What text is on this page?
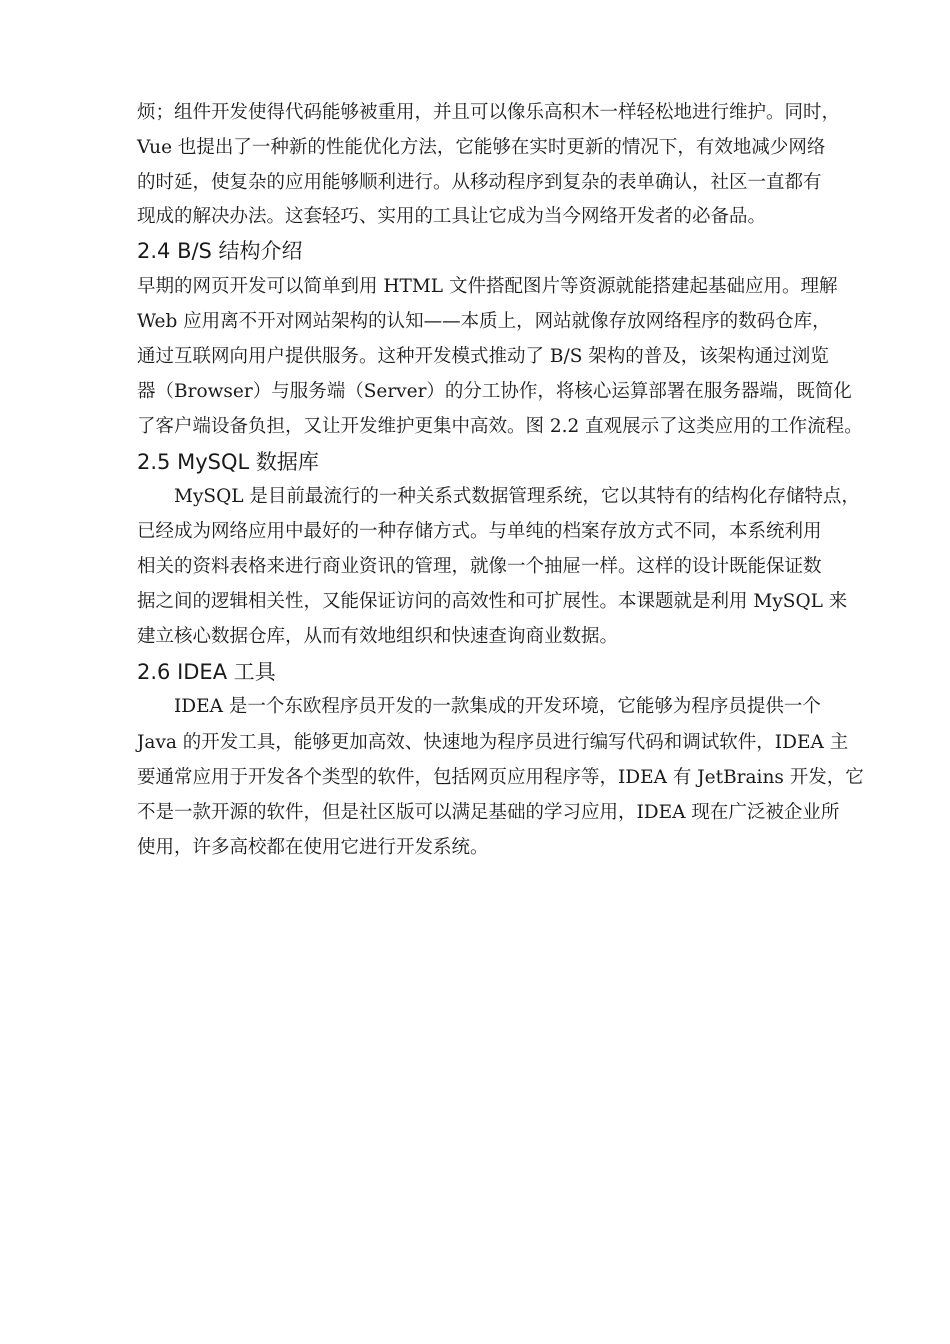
烦；组件开发使得代码能够被重用，并且可以像乐高积木一样轻松地进行维护。同时，
Vue 也提出了一种新的性能优化方法，它能够在实时更新的情况下，有效地减少网络
的时延，使复杂的应用能够顺利进行。从移动程序到复杂的表单确认，社区一直都有
现成的解决办法。这套轻巧、实用的工具让它成为当今网络开发者的必备品。
2.4 B/S 结构介绍
早期的网页开发可以简单到用 HTML 文件搭配图片等资源就能搭建起基础应用。理解
Web 应用离不开对网站架构的认知——本质上，网站就像存放网络程序的数码仓库，
通过互联网向用户提供服务。这种开发模式推动了 B/S 架构的普及，该架构通过浏览
器（Browser）与服务端（Server）的分工协作，将核心运算部署在服务器端，既简化
了客户端设备负担，又让开发维护更集中高效。图 2.2 直观展示了这类应用的工作流程。
2.5 MySQL 数据库
MySQL 是目前最流行的一种关系式数据管理系统，它以其特有的结构化存储特点，
已经成为网络应用中最好的一种存储方式。与单纯的档案存放方式不同，本系统利用
相关的资料表格来进行商业资讯的管理，就像一个抽屉一样。这样的设计既能保证数
据之间的逻辑相关性，又能保证访问的高效性和可扩展性。本课题就是利用 MySQL 来
建立核心数据仓库，从而有效地组织和快速查询商业数据。
2.6 IDEA 工具
IDEA 是一个东欧程序员开发的一款集成的开发环境，它能够为程序员提供一个
Java 的开发工具，能够更加高效、快速地为程序员进行编写代码和调试软件，IDEA 主
要通常应用于开发各个类型的软件，包括网页应用程序等，IDEA 有 JetBrains 开发，它
不是一款开源的软件，但是社区版可以满足基础的学习应用，IDEA 现在广泛被企业所
使用，许多高校都在使用它进行开发系统。
